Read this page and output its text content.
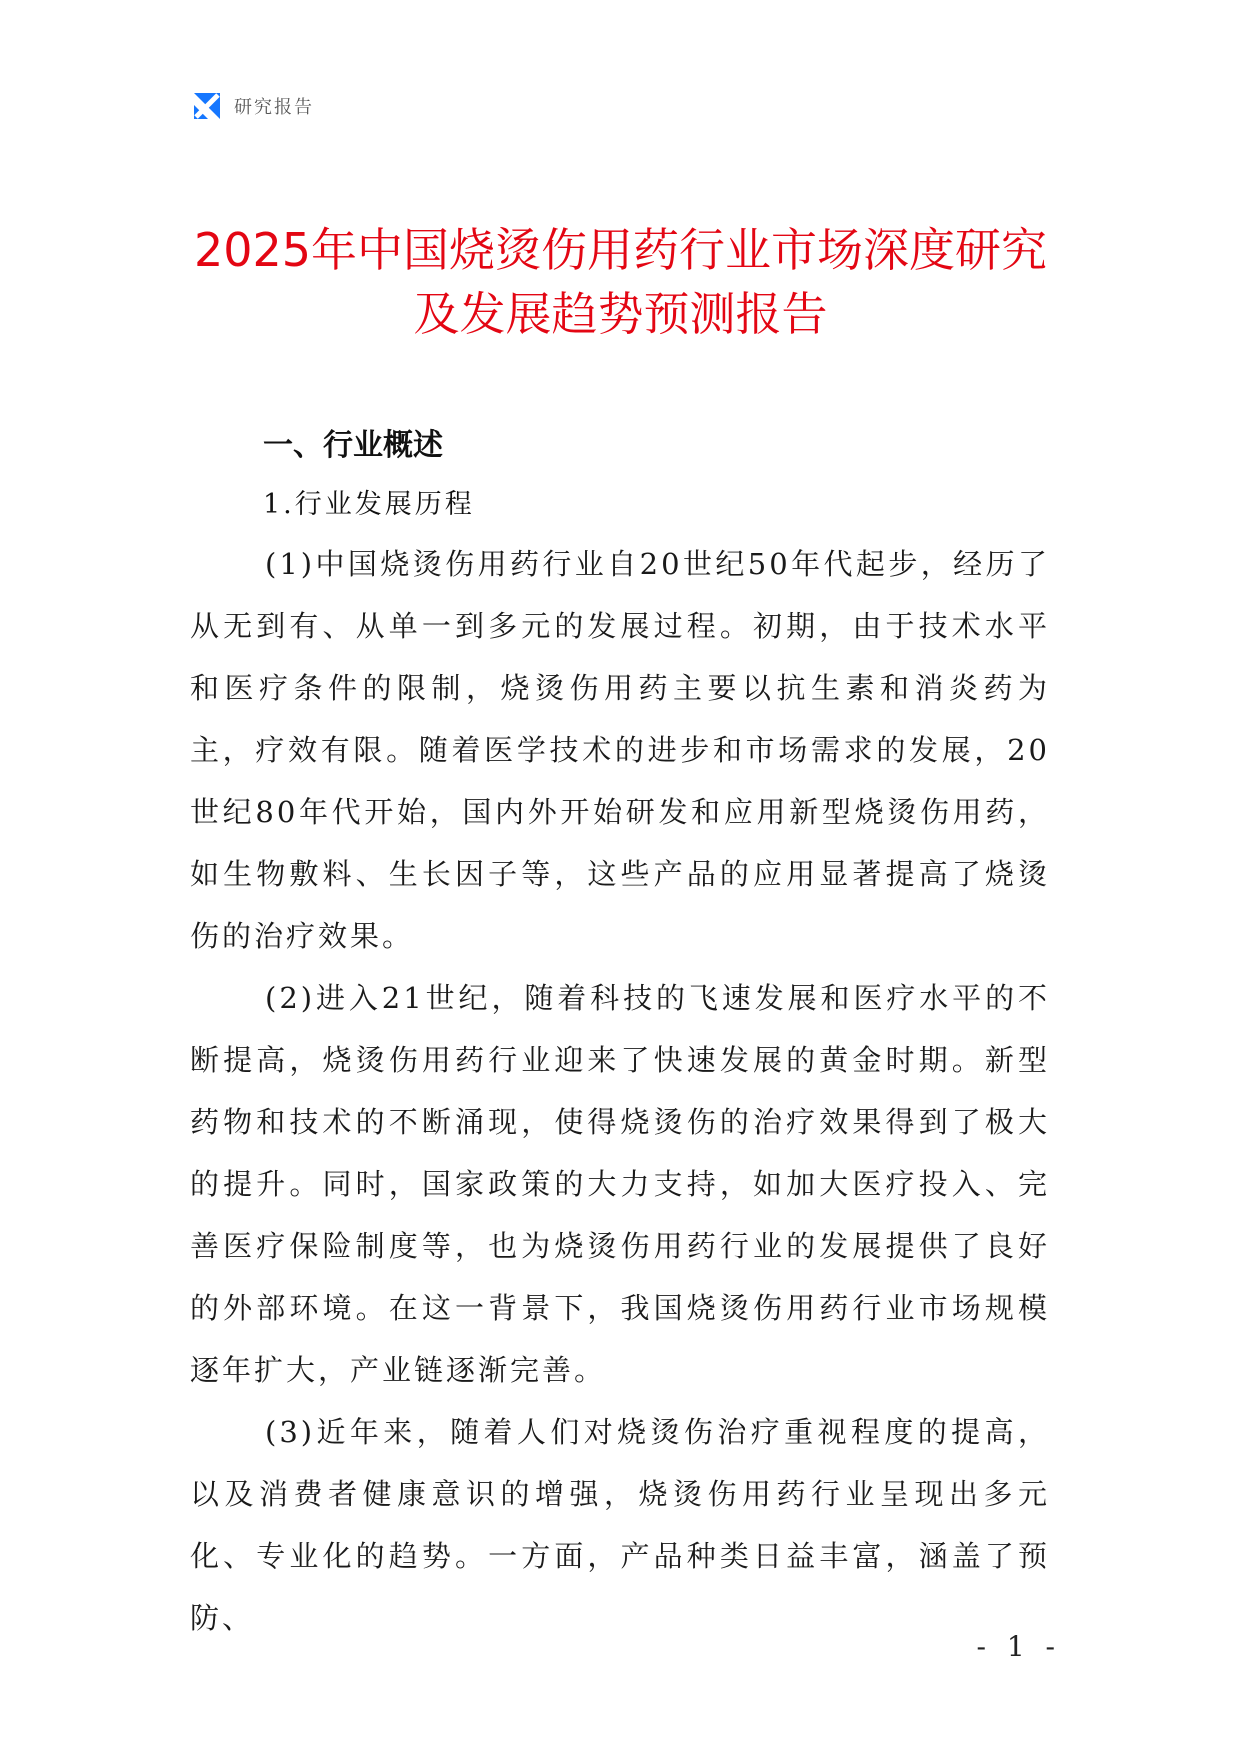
研究报告
2025年中国烧烫伤用药行业市场深度研究
及发展趋势预测报告
一、行业概述
1.行业发展历程

(1)中国烧烫伤用药行业自20世纪50年代起步，经历了从无到有、从单一到多元的发展过程。初期，由于技术水平和医疗条件的限制，烧烫伤用药主要以抗生素和消炎药为主，疗效有限。随着医学技术的进步和市场需求的发展，20世纪80年代开始，国内外开始研发和应用新型烧烫伤用药，如生物敷料、生长因子等，这些产品的应用显著提高了烧烫伤的治疗效果。

(2)进入21世纪，随着科技的飞速发展和医疗水平的不断提高，烧烫伤用药行业迎来了快速发展的黄金时期。新型药物和技术的不断涌现，使得烧烫伤的治疗效果得到了极大的提升。同时，国家政策的大力支持，如加大医疗投入、完善医疗保险制度等，也为烧烫伤用药行业的发展提供了良好的外部环境。在这一背景下，我国烧烫伤用药行业市场规模逐年扩大，产业链逐渐完善。

(3)近年来，随着人们对烧烫伤治疗重视程度的提高，以及消费者健康意识的增强，烧烫伤用药行业呈现出多元化、专业化的趋势。一方面，产品种类日益丰富，涵盖了预防、

- 1 -
